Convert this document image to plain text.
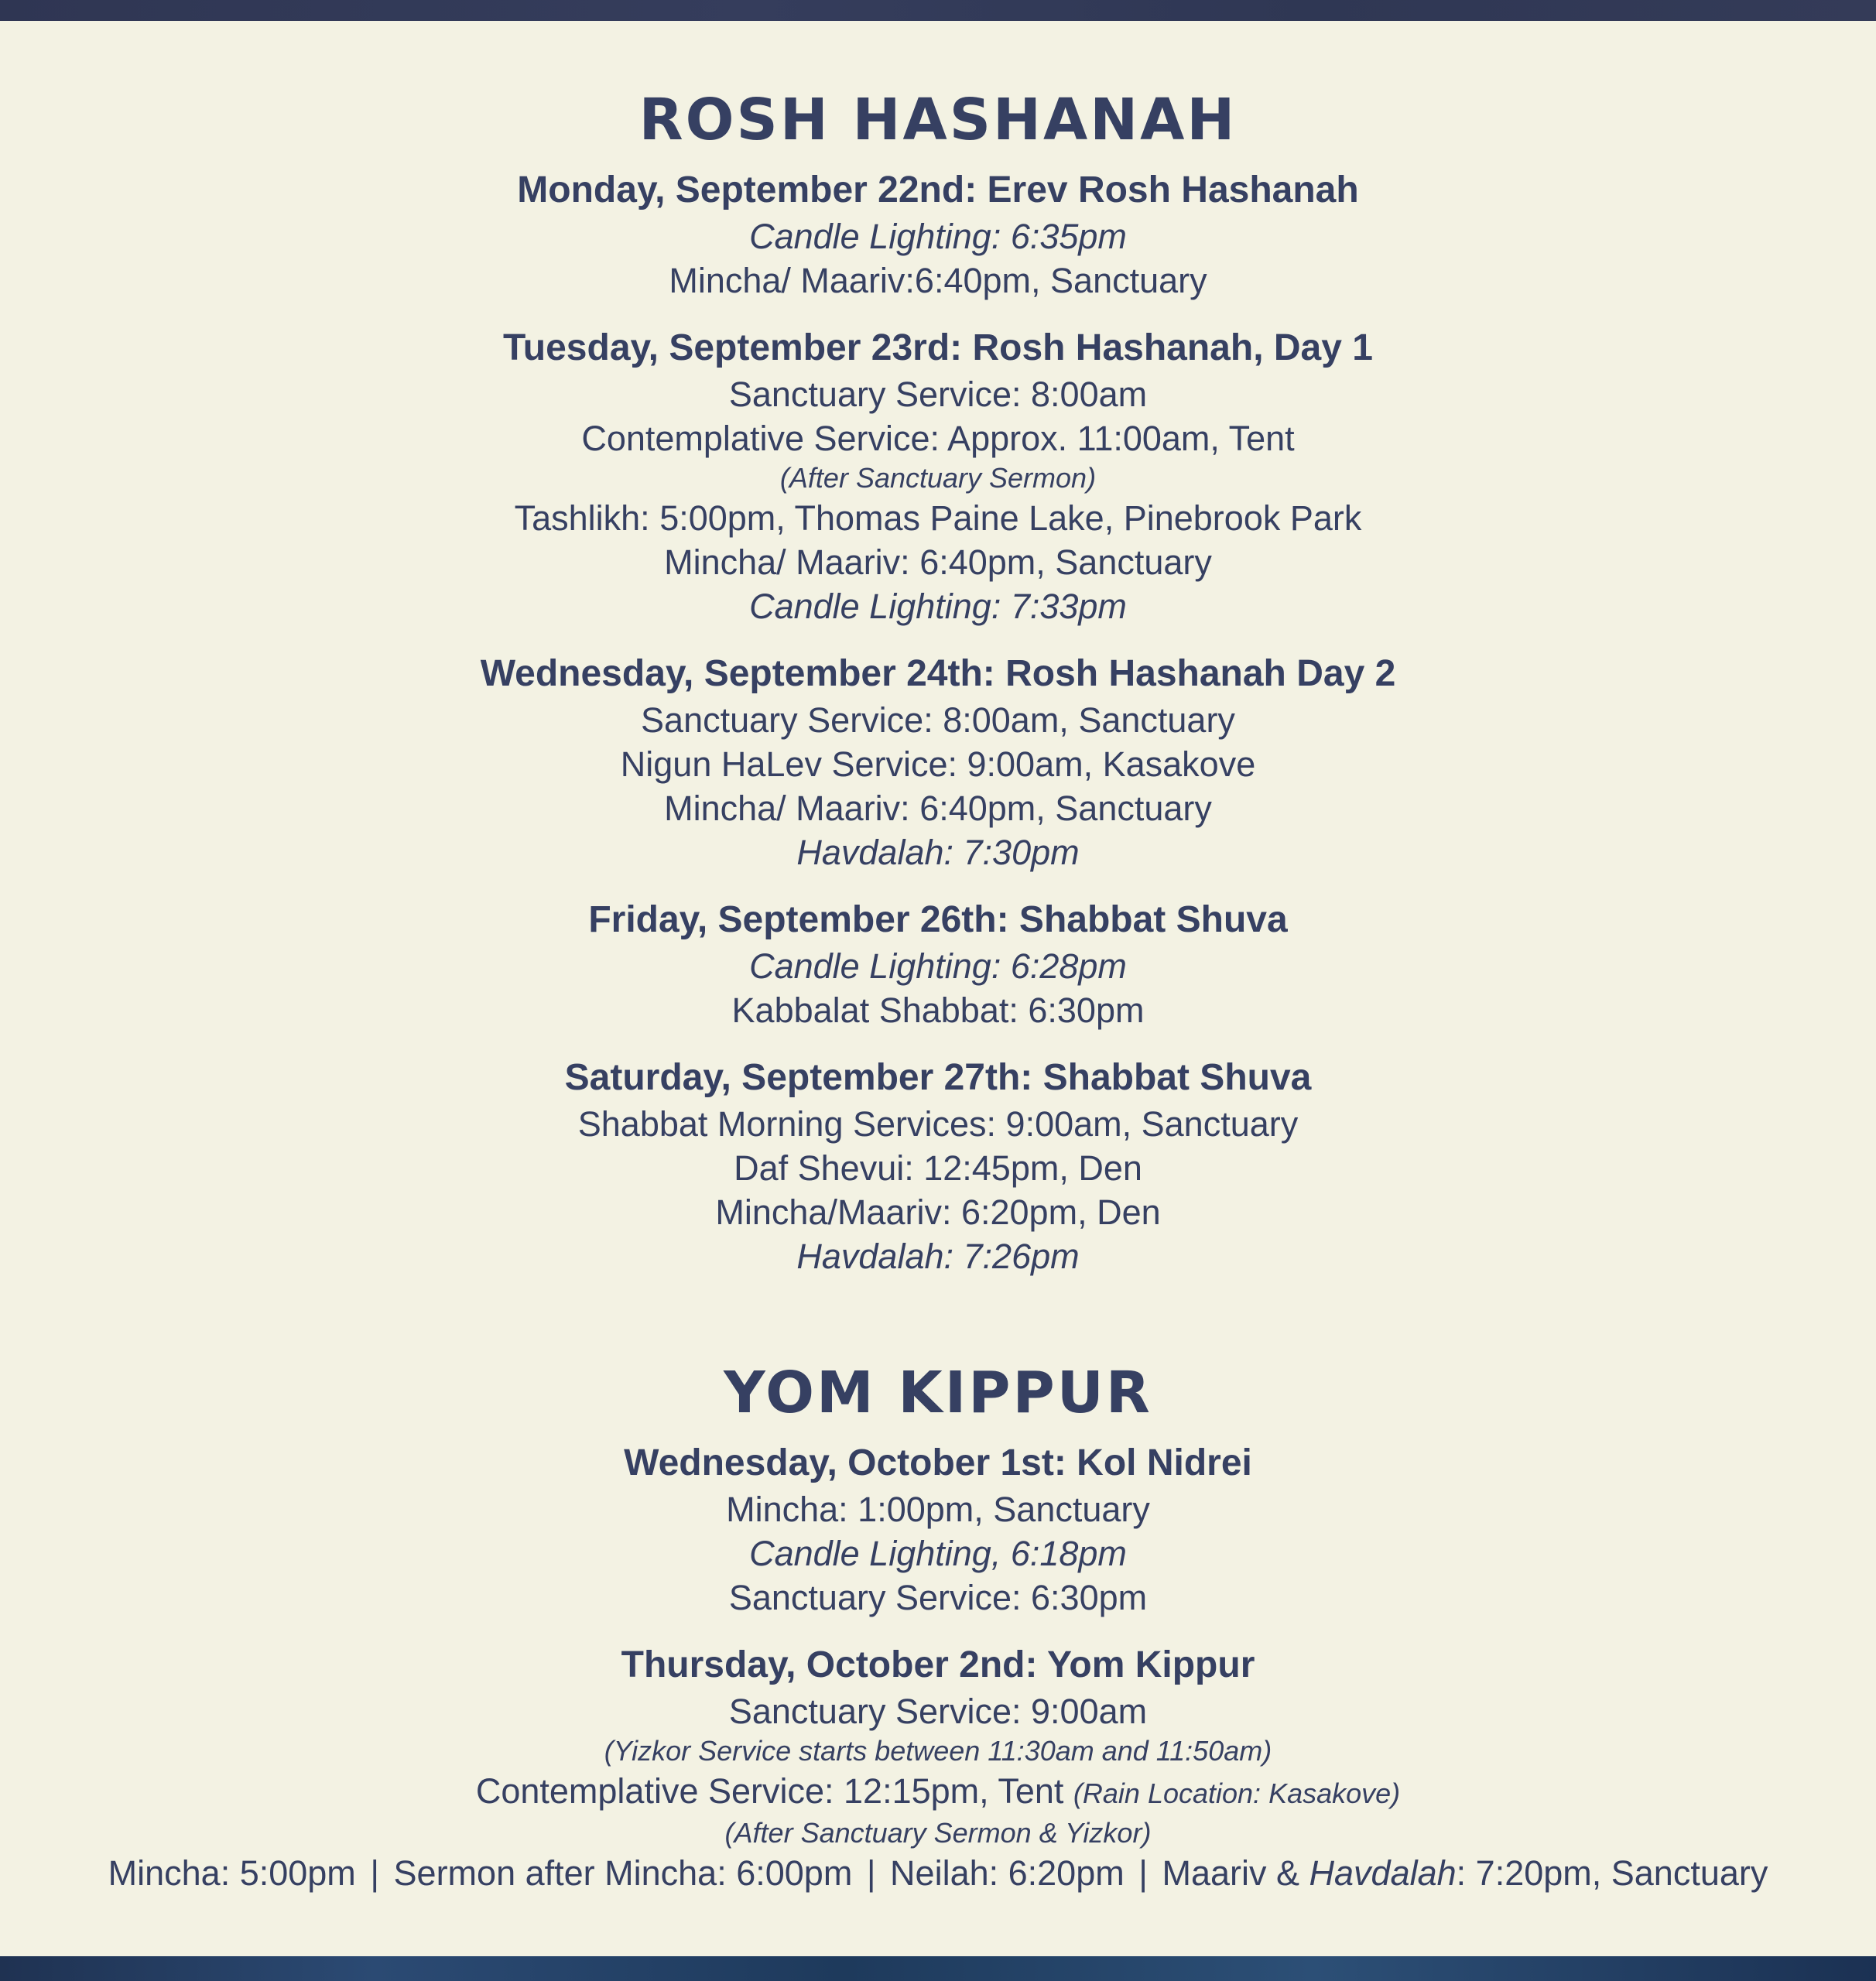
ROSH HASHANAH
Monday, September 22nd: Erev Rosh Hashanah
Candle Lighting: 6:35pm
Mincha/ Maariv:6:40pm, Sanctuary
Tuesday, September 23rd: Rosh Hashanah, Day 1
Sanctuary Service: 8:00am
Contemplative Service: Approx. 11:00am, Tent
(After Sanctuary Sermon)
Tashlikh: 5:00pm, Thomas Paine Lake, Pinebrook Park
Mincha/ Maariv: 6:40pm, Sanctuary
Candle Lighting: 7:33pm
Wednesday, September 24th: Rosh Hashanah Day 2
Sanctuary Service: 8:00am, Sanctuary
Nigun HaLev Service: 9:00am, Kasakove
Mincha/ Maariv: 6:40pm, Sanctuary
Havdalah: 7:30pm
Friday, September 26th: Shabbat Shuva
Candle Lighting: 6:28pm
Kabbalat Shabbat: 6:30pm
Saturday, September 27th: Shabbat Shuva
Shabbat Morning Services: 9:00am, Sanctuary
Daf Shevui: 12:45pm, Den
Mincha/Maariv: 6:20pm, Den
Havdalah: 7:26pm
YOM KIPPUR
Wednesday, October 1st: Kol Nidrei
Mincha: 1:00pm, Sanctuary
Candle Lighting, 6:18pm
Sanctuary Service: 6:30pm
Thursday, October 2nd: Yom Kippur
Sanctuary Service: 9:00am
(Yizkor Service starts between 11:30am and 11:50am)
Contemplative Service: 12:15pm, Tent (Rain Location: Kasakove)
(After Sanctuary Sermon & Yizkor)
Mincha: 5:00pm | Sermon after Mincha: 6:00pm | Neilah: 6:20pm | Maariv & Havdalah: 7:20pm, Sanctuary
